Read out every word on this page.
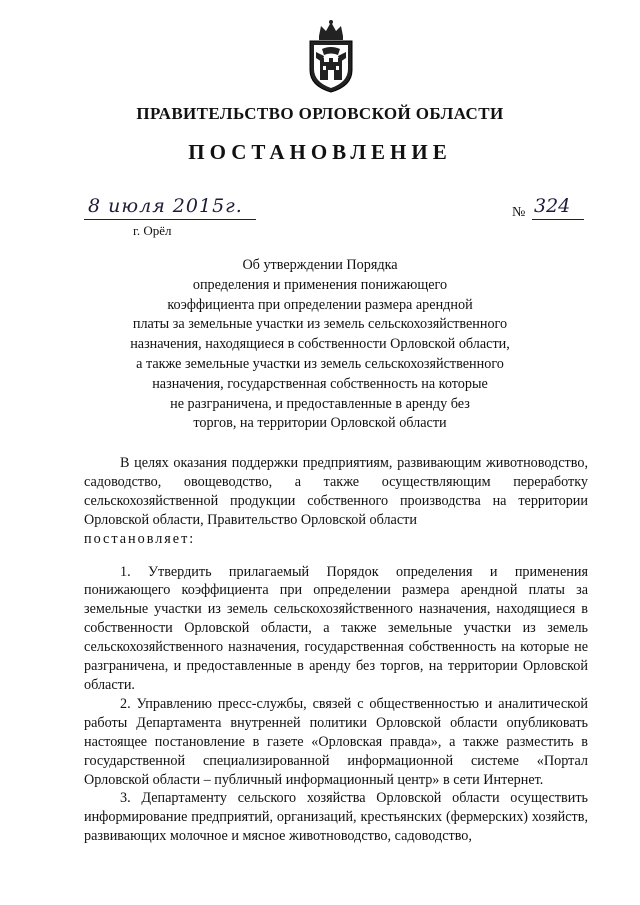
ПРАВИТЕЛЬСТВО ОРЛОВСКОЙ ОБЛАСТИ
ПОСТАНОВЛЕНИЕ
8 июля 2015г.	№ 324
г. Орёл
Об утверждении Порядка
определения и применения понижающего
коэффициента при определении размера арендной
платы за земельные участки из земель сельскохозяйственного
назначения, находящиеся в собственности Орловской области,
а также земельные участки из земель сельскохозяйственного
назначения, государственная собственность на которые
не разграничена, и предоставленные в аренду без
торгов, на территории Орловской области

В целях оказания поддержки предприятиям, развивающим животноводство, садоводство, овощеводство, а также осуществляющим переработку сельскохозяйственной продукции собственного производства на территории Орловской области, Правительство Орловской области

постановляет:

1. Утвердить прилагаемый Порядок определения и применения понижающего коэффициента при определении размера арендной платы за земельные участки из земель сельскохозяйственного назначения, находящиеся в собственности Орловской области, а также земельные участки из земель сельскохозяйственного назначения, государственная собственность на которые не разграничена, и предоставленные в аренду без торгов, на территории Орловской области.

2. Управлению пресс-службы, связей с общественностью и аналитической работы Департамента внутренней политики Орловской области опубликовать настоящее постановление в газете «Орловская правда», а также разместить в государственной специализированной информационной системе «Портал Орловской области – публичный информационный центр» в сети Интернет.

3. Департаменту сельского хозяйства Орловской области осуществить информирование предприятий, организаций, крестьянских (фермерских) хозяйств, развивающих молочное и мясное животноводство, садоводство,
